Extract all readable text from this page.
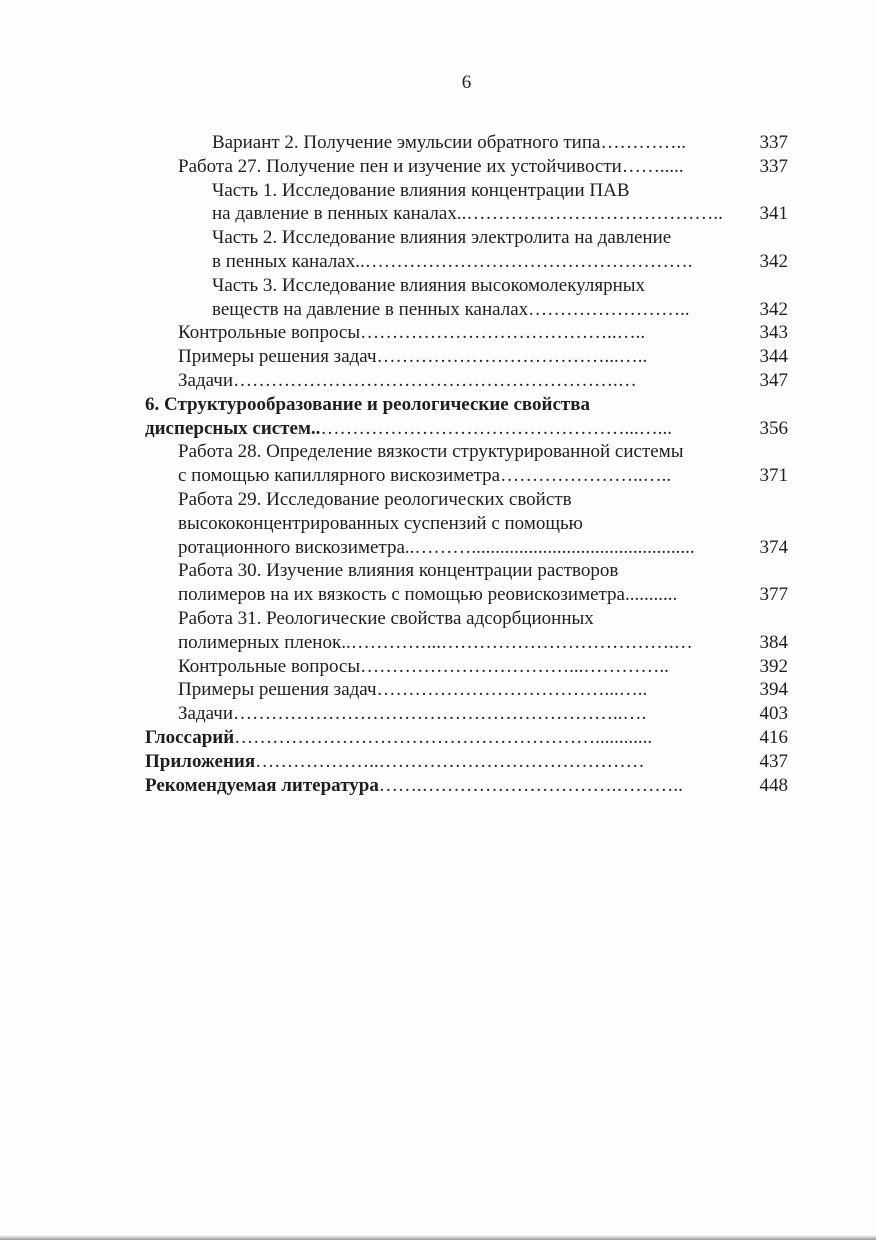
6
Вариант 2. Получение эмульсии обратного типа …………..	337
Работа 27. Получение пен и изучение их устойчивости …….....	337
Часть 1. Исследование влияния концентрации ПАВ
на давление в пенных каналах.. …………………………………..	341
Часть 2. Исследование влияния электролита на давление
в пенных каналах.. …………………………………………….	342
Часть 3. Исследование влияния высокомолекулярных
веществ на давление в пенных каналах ……………………..	342
Контрольные вопросы …………………………………..…..	343
Примеры решения задач ………………………………...…..	344
Задачи …………………………………………………….…	347
6. Структурообразование и реологические свойства
дисперсных систем.. …………………………………………...…...	356
Работа 28. Определение вязкости структурированной системы
с помощью капиллярного вискозиметра …………………..…..	371
Работа 29. Исследование реологических свойств
высококонцентрированных суспензий с помощью
ротационного вискозиметра.. ………...............................................	374
Работа 30. Изучение влияния концентрации растворов
полимеров на их вязкость с помощью реовискозиметра ...........	377
Работа 31. Реологические свойства адсорбционных
полимерных пленок.. …………...……………………………….…	384
Контрольные вопросы ……………………………...…………..	392
Примеры решения задач ………………………………...…..	394
Задачи ……………………………………………………..….	403
Глоссарий …………………………………………………............	416
Приложения ………………..……………………………………	437
Рекомендуемая литература …….………………………….………..	448
